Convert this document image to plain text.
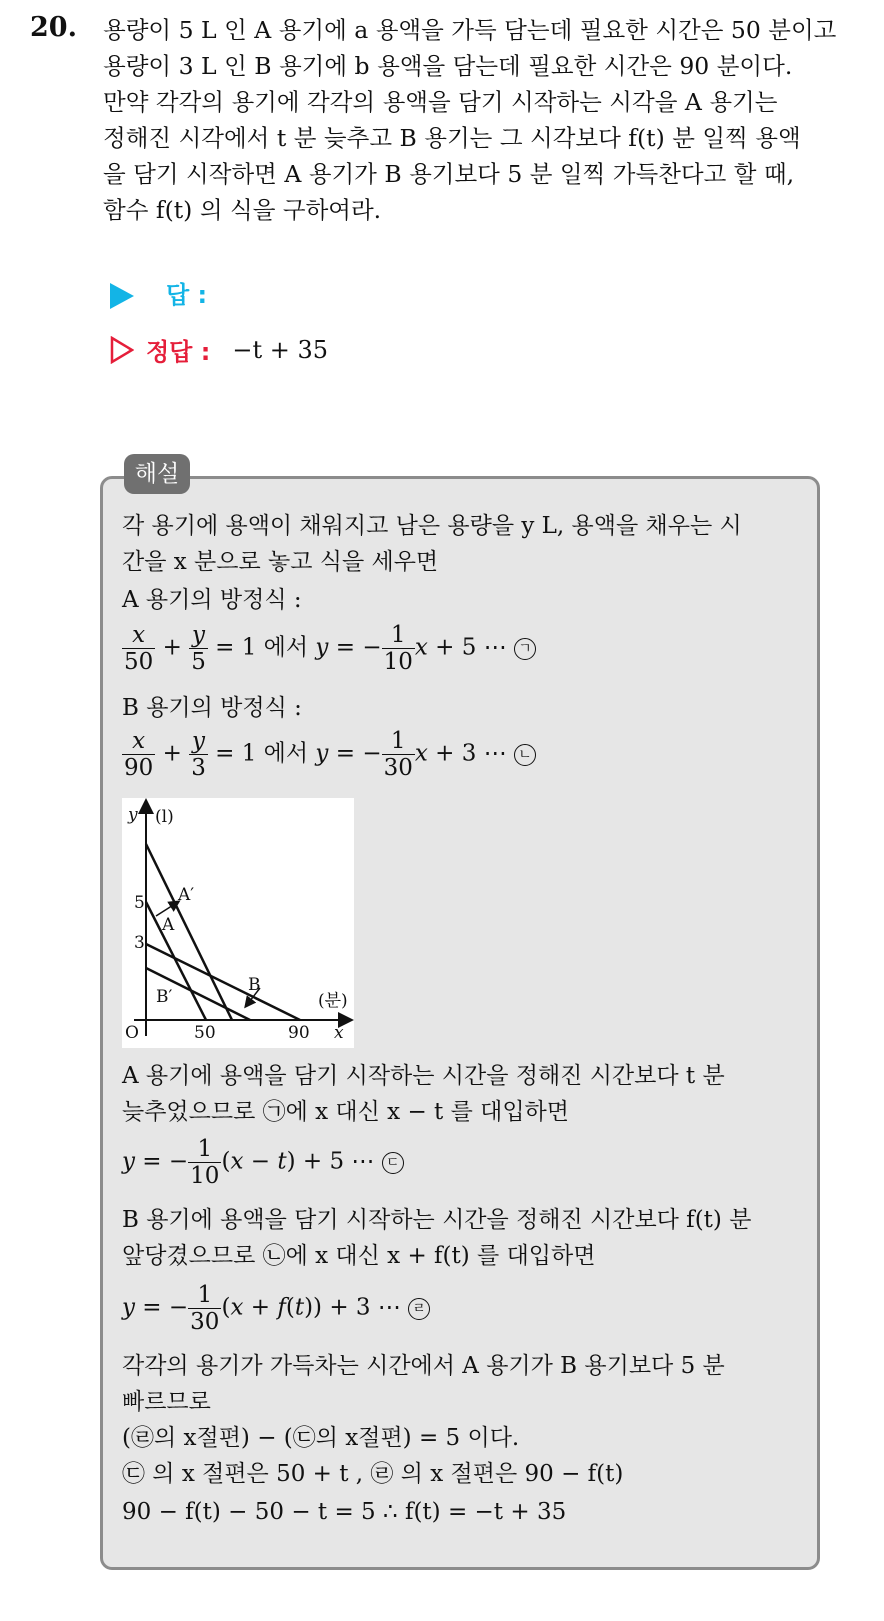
20. 용량이 5 L 인 A 용기에 a 용액을 가득 담는데 필요한 시간은 50 분이고
용량이 3 L 인 B 용기에 b 용액을 담는데 필요한 시간은 90 분이다.
만약 각각의 용기에 각각의 용액을 담기 시작하는 시각을 A 용기는
정해진 시각에서 t 분 늦추고 B 용기는 그 시각보다 f(t) 분 일찍 용액
을 담기 시작하면 A 용기가 B 용기보다 5 분 일찍 가득찬다고 할 때,
함수 f(t) 의 식을 구하여라.
답 :
정답 : −t + 35
해설
각 용기에 용액이 채워지고 남은 용량을 y L, 용액을 채우는 시
간을 x 분으로 놓고 식을 세우면
A 용기의 방정식 :
$\frac{x}{50} + \frac{y}{5} = 1$ 에서 y = − $\frac{1}{10}$ x + 5 ⋯ ㄱ
B 용기의 방정식 :
$\frac{x}{90} + \frac{y}{3} = 1$ 에서 y = − $\frac{1}{30}$ x + 3 ⋯ ㄴ
y (l)
5
3
A′
A
B
B′	(분)
O	50	90 x
A 용기에 용액을 담기 시작하는 시간을 정해진 시간보다 t 분
늦추었으므로 ㉠에 x 대신 x − t 를 대입하면
y = − $\frac{1}{10} (x - t) + 5$ ⋯ ㄷ
B 용기에 용액을 담기 시작하는 시간을 정해진 시간보다 f(t) 분
앞당겼으므로 ㉡에 x 대신 x + f(t) 를 대입하면
y = − $\frac{1}{30} (x + f(t)) + 3$ ⋯ ㄹ
각각의 용기가 가득차는 시간에서 A 용기가 B 용기보다 5 분
빠르므로
(㉣의 x절편) − (㉢의 x절편) = 5 이다.
㉢ 의 x 절편은 50 + t , ㉣ 의 x 절편은 90 − f(t)
90 − f(t) − 50 − t = 5 ∴ f(t) = −t + 35
